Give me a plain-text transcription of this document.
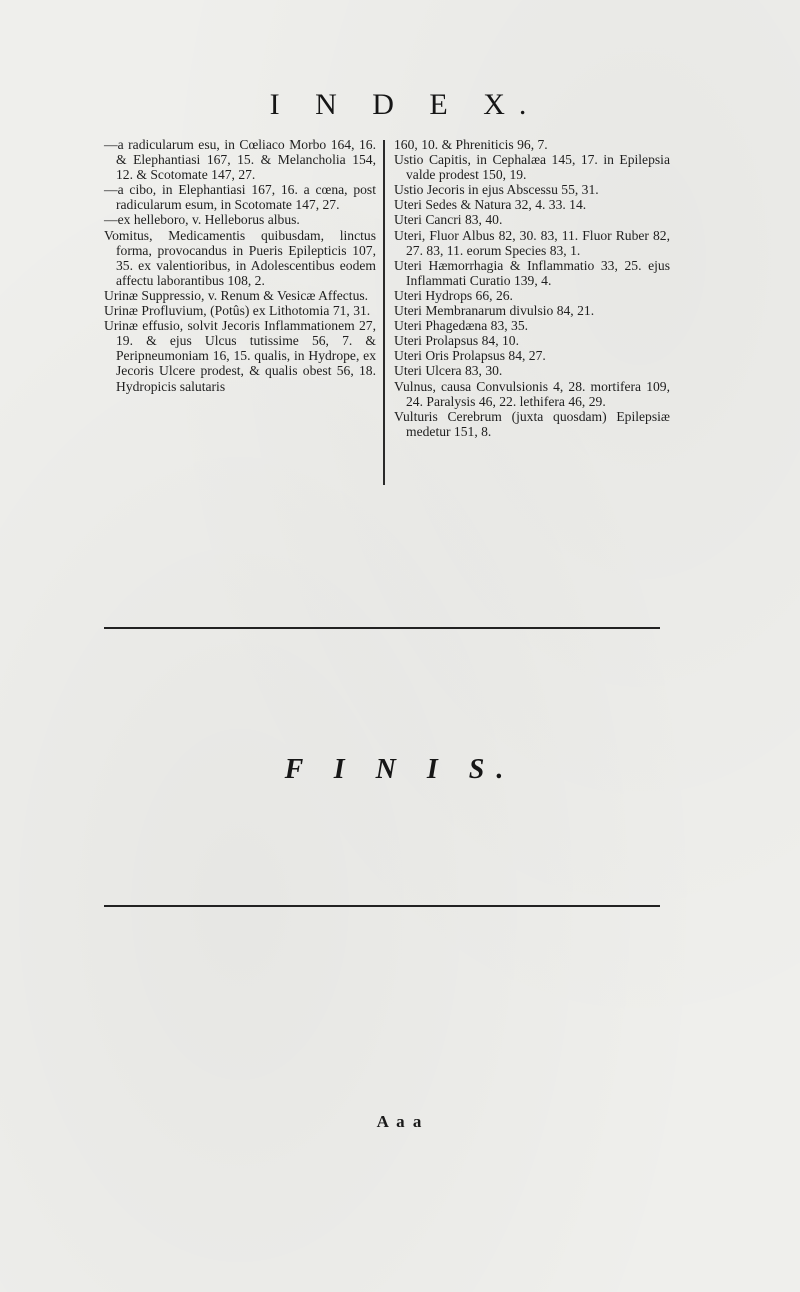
I N D E X.

—a radicularum esu, in Cœliaco Morbo 164, 16. & Elephantiasi 167, 15. & Melancholia 154, 12. & Scotomate 147, 27.

—a cibo, in Elephantiasi 167, 16. a cœna, post radicularum esum, in Scotomate 147, 27.

—ex helleboro, v. Helleborus albus.

Vomitus, Medicamentis quibusdam, linctus forma, provocandus in Pueris Epilepticis 107, 35. ex valentioribus, in Adolescentibus eodem affectu laborantibus 108, 2.

Urinæ Suppressio, v. Renum & Vesicæ Affectus.

Urinæ Profluvium, (Potûs) ex Lithotomia 71, 31.

Urinæ effusio, solvit Jecoris Inflammationem 27, 19. & ejus Ulcus tutissime 56, 7. & Peripneumoniam 16, 15. qualis, in Hydrope, ex Jecoris Ulcere prodest, & qualis obest 56, 18. Hydropicis salutaris

160, 10. & Phreniticis 96, 7.

Ustio Capitis, in Cephalæa 145, 17. in Epilepsia valde prodest 150, 19.

Ustio Jecoris in ejus Abscessu 55, 31.

Uteri Sedes & Natura 32, 4. 33. 14.

Uteri Cancri 83, 40.

Uteri, Fluor Albus 82, 30. 83, 11. Fluor Ruber 82, 27. 83, 11. eorum Species 83, 1.

Uteri Hæmorrhagia & Inflammatio 33, 25. ejus Inflammati Curatio 139, 4.

Uteri Hydrops 66, 26.

Uteri Membranarum divulsio 84, 21.

Uteri Phagedæna 83, 35.

Uteri Prolapsus 84, 10.

Uteri Oris Prolapsus 84, 27.

Uteri Ulcera 83, 30.

Vulnus, causa Convulsionis 4, 28. mortifera 109, 24. Paralysis 46, 22. lethifera 46, 29.

Vulturis Cerebrum (juxta quosdam) Epilepsiæ medetur 151, 8.

F I N I S.
A a a
